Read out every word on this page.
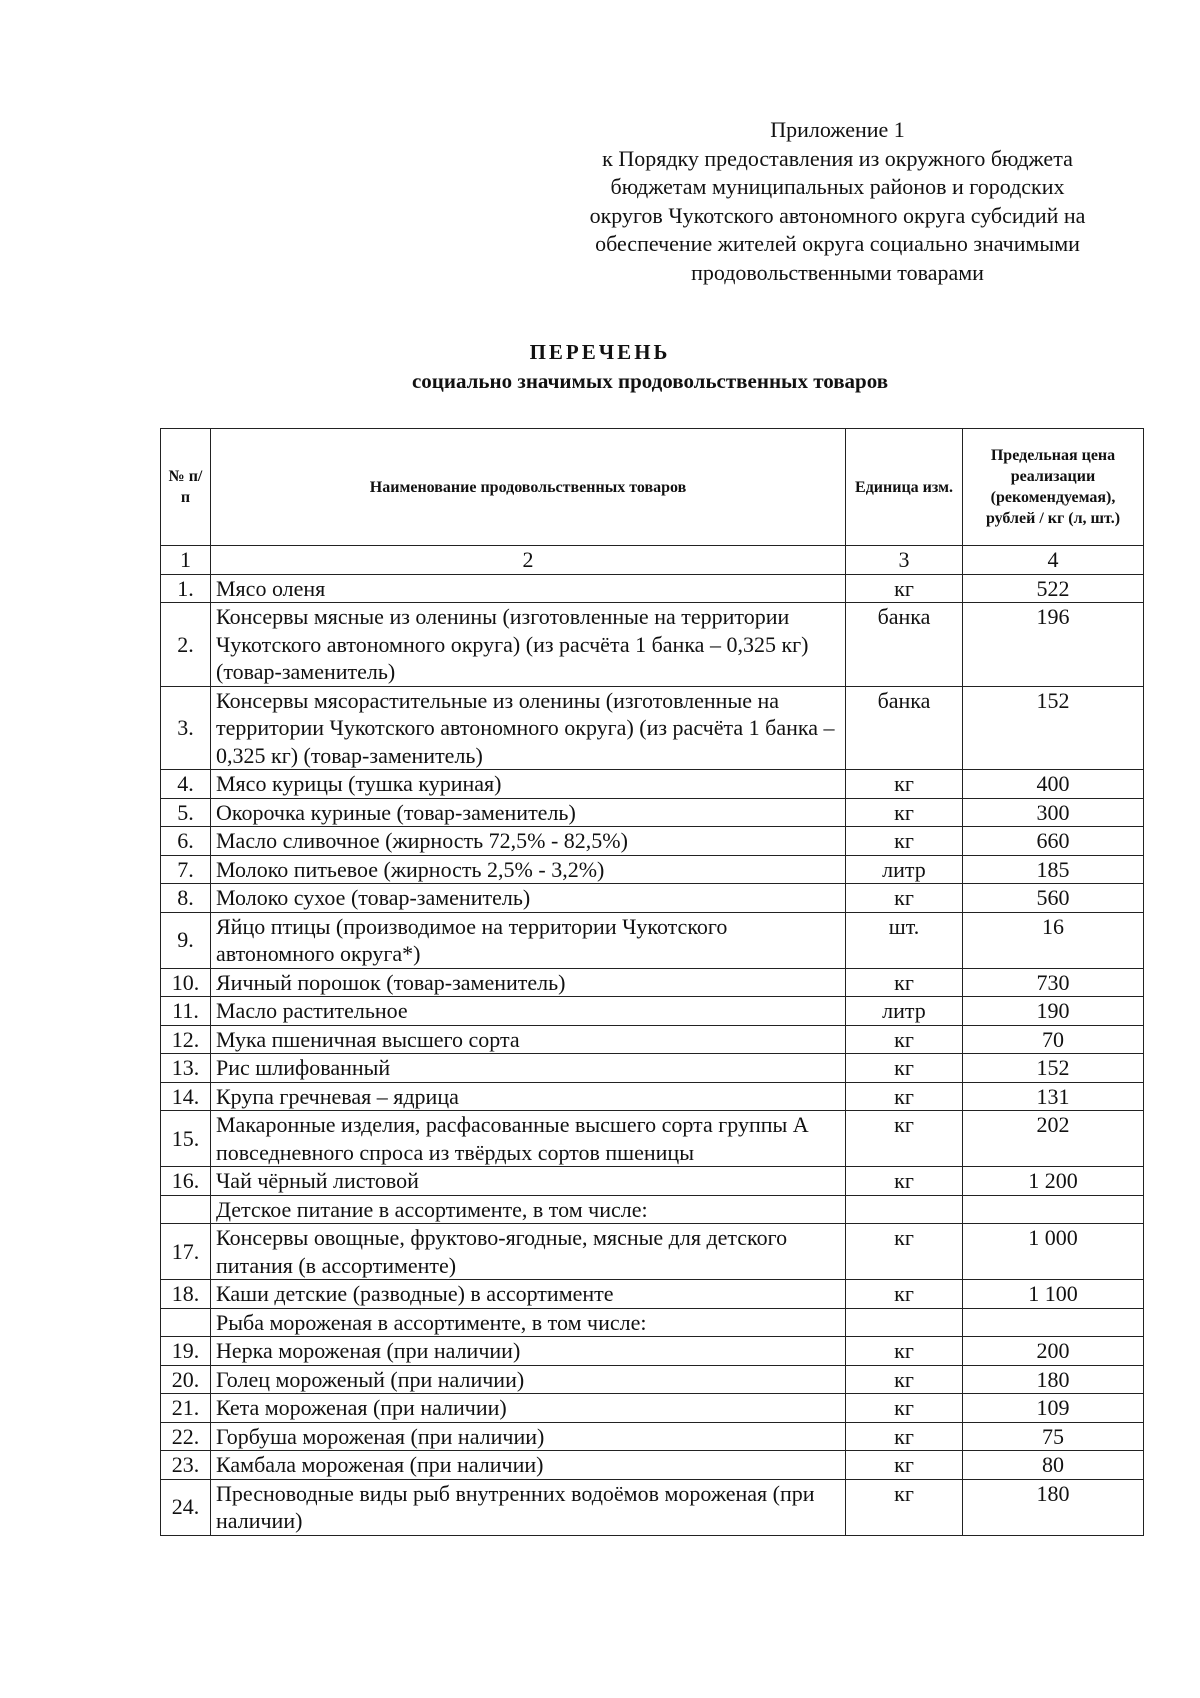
Приложение 1
к Порядку предоставления из окружного бюджета
бюджетам муниципальных районов и городских
округов Чукотского автономного округа субсидий на
обеспечение жителей округа социально значимыми
продовольственными товарами
ПЕРЕЧЕНЬ
социально значимых продовольственных товаров
№ п/п	Наименование продовольственных товаров	Единица изм.	Предельная цена реализации (рекомендуемая), рублей / кг (л, шт.)
1	2	3	4
1.	Мясо оленя	кг	522
2.	Консервы мясные из оленины (изготовленные на территории Чукотского автономного округа) (из расчёта 1 банка – 0,325 кг) (товар-заменитель)	банка	196
3.	Консервы мясорастительные из оленины (изготовленные на территории Чукотского автономного округа) (из расчёта 1 банка – 0,325 кг) (товар-заменитель)	банка	152
4.	Мясо курицы (тушка куриная)	кг	400
5.	Окорочка куриные (товар-заменитель)	кг	300
6.	Масло сливочное (жирность 72,5% - 82,5%)	кг	660
7.	Молоко питьевое (жирность 2,5% - 3,2%)	литр	185
8.	Молоко сухое (товар-заменитель)	кг	560
9.	Яйцо птицы (производимое на территории Чукотского автономного округа*)	шт.	16
10.	Яичный порошок (товар-заменитель)	кг	730
11.	Масло растительное	литр	190
12.	Мука пшеничная высшего сорта	кг	70
13.	Рис шлифованный	кг	152
14.	Крупа гречневая – ядрица	кг	131
15.	Макаронные изделия, расфасованные высшего сорта группы А повседневного спроса из твёрдых сортов пшеницы	кг	202
16.	Чай чёрный листовой	кг	1 200
	Детское питание в ассортименте, в том числе:		
17.	Консервы овощные, фруктово-ягодные, мясные для детского питания (в ассортименте)	кг	1 000
18.	Каши детские (разводные) в ассортименте	кг	1 100
	Рыба мороженая в ассортименте, в том числе:		
19.	Нерка мороженая (при наличии)	кг	200
20.	Голец мороженый (при наличии)	кг	180
21.	Кета мороженая (при наличии)	кг	109
22.	Горбуша мороженая (при наличии)	кг	75
23.	Камбала мороженая (при наличии)	кг	80
24.	Пресноводные виды рыб внутренних водоёмов мороженая (при наличии)	кг	180
